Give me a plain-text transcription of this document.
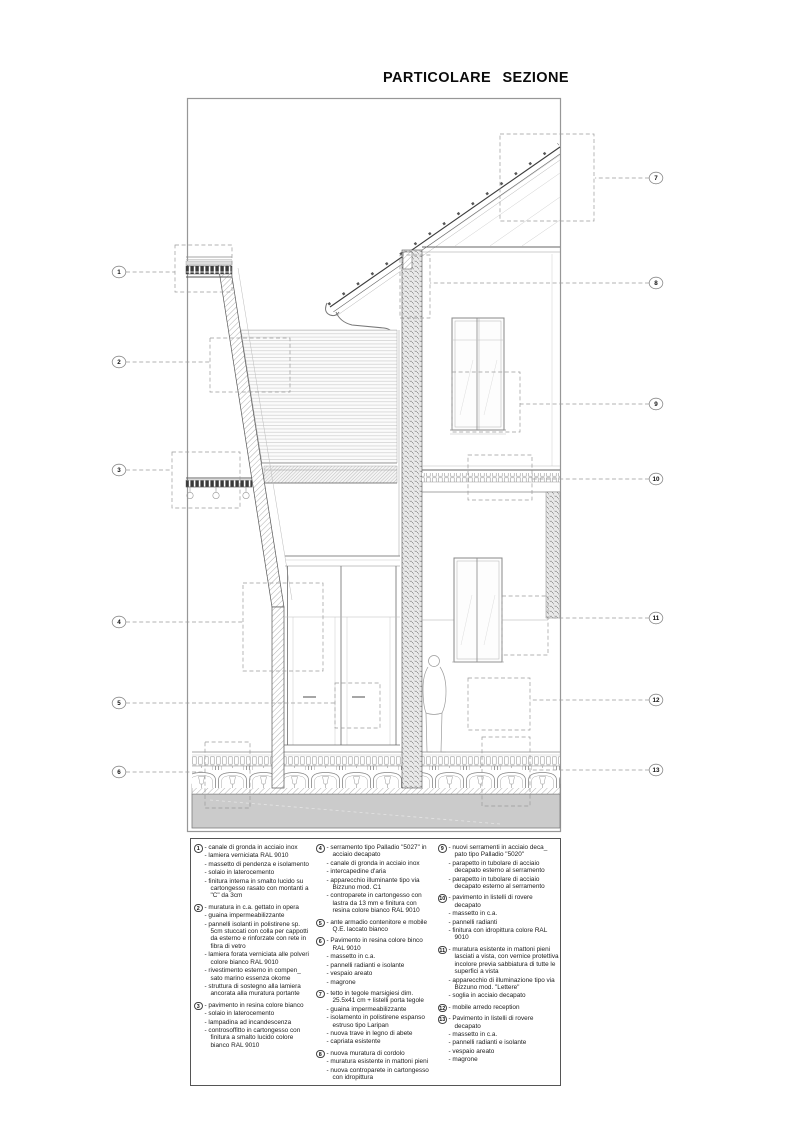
PARTICOLARE SEZIONE
1
2
3
4
5
6
7
8
9
10
11
12
13
1 - canale di gronda in acciaio inox
- lamiera verniciata RAL 9010
- massetto di pendenza e isolamento
- solaio in laterocemento
- finitura interna in smalto lucido su cartongesso rasato con montanti a "C" da 3cm
2 - muratura in c.a. gettato in opera
- guaina impermeabilizzante
- pannelli isolanti in polistirene sp. 5cm stuccati con colla per cappotti da esterno e rinforzate con rete in fibra di vetro
- lamiera forata verniciata alle polveri colore bianco RAL 9010
- rivestimento esterno in compen_ sato marino essenza okome
- struttura di sostegno alla lamiera ancorata alla muratura portante
3 - pavimento in resina colore bianco
- solaio in laterocemento
- lampadina ad incandescenza
- controsoffitto in cartongesso con finitura a smalto lucido colore bianco RAL 9010
4 - serramento tipo Palladio "5027" in acciaio decapato
- canale di gronda in acciaio inox
- intercapedine d'aria
- apparecchio illuminante tipo via Bizzuno mod. C1
- controparete in cartongesso con lastra da 13 mm e finitura con resina colore bianco RAL 9010
5 - ante armadio contenitore e mobile Q.E. laccato bianco
6 - Pavimento in resina colore binco RAL 9010
- massetto in c.a.
- pannelli radianti e isolante
- vespaio areato
- magrone
7 - tetto in tegole marsigiesi dim. 25.5x41 cm + listelli porta tegole
- guaina impermeabilizzante
- isolamento in polistirene espanso estruso tipo Laripan
- nuova trave in legno di abete
- capriata esistente
8 - nuova muratura di cordolo
- muratura esistente in mattoni pieni
- nuova controparete in cartongesso con idropittura
9 - nuovi serramenti in acciaio deca_ pato tipo Palladio "5020"
- parapetto in tubolare di acciaio decapato esterno al serramento
- parapetto in tubolare di acciaio decapato esterno al serramento
10 - pavimento in listelli di rovere decapato
- massetto in c.a.
- pannelli radianti
- finitura con idropittura colore RAL 9010
11 - muratura esistente in mattoni pieni lasciati a vista, con vernice protettiva incolore previa sabbiatura di tutte le superfici a vista
- apparecchio di illuminazione tipo via Bizzuno mod. "Lettere"
- soglia in acciaio decapato
12 - mobile arredo reception
13 - Pavimento in listelli di rovere decapato
- massetto in c.a.
- pannelli radianti e isolante
- vespaio areato
- magrone
